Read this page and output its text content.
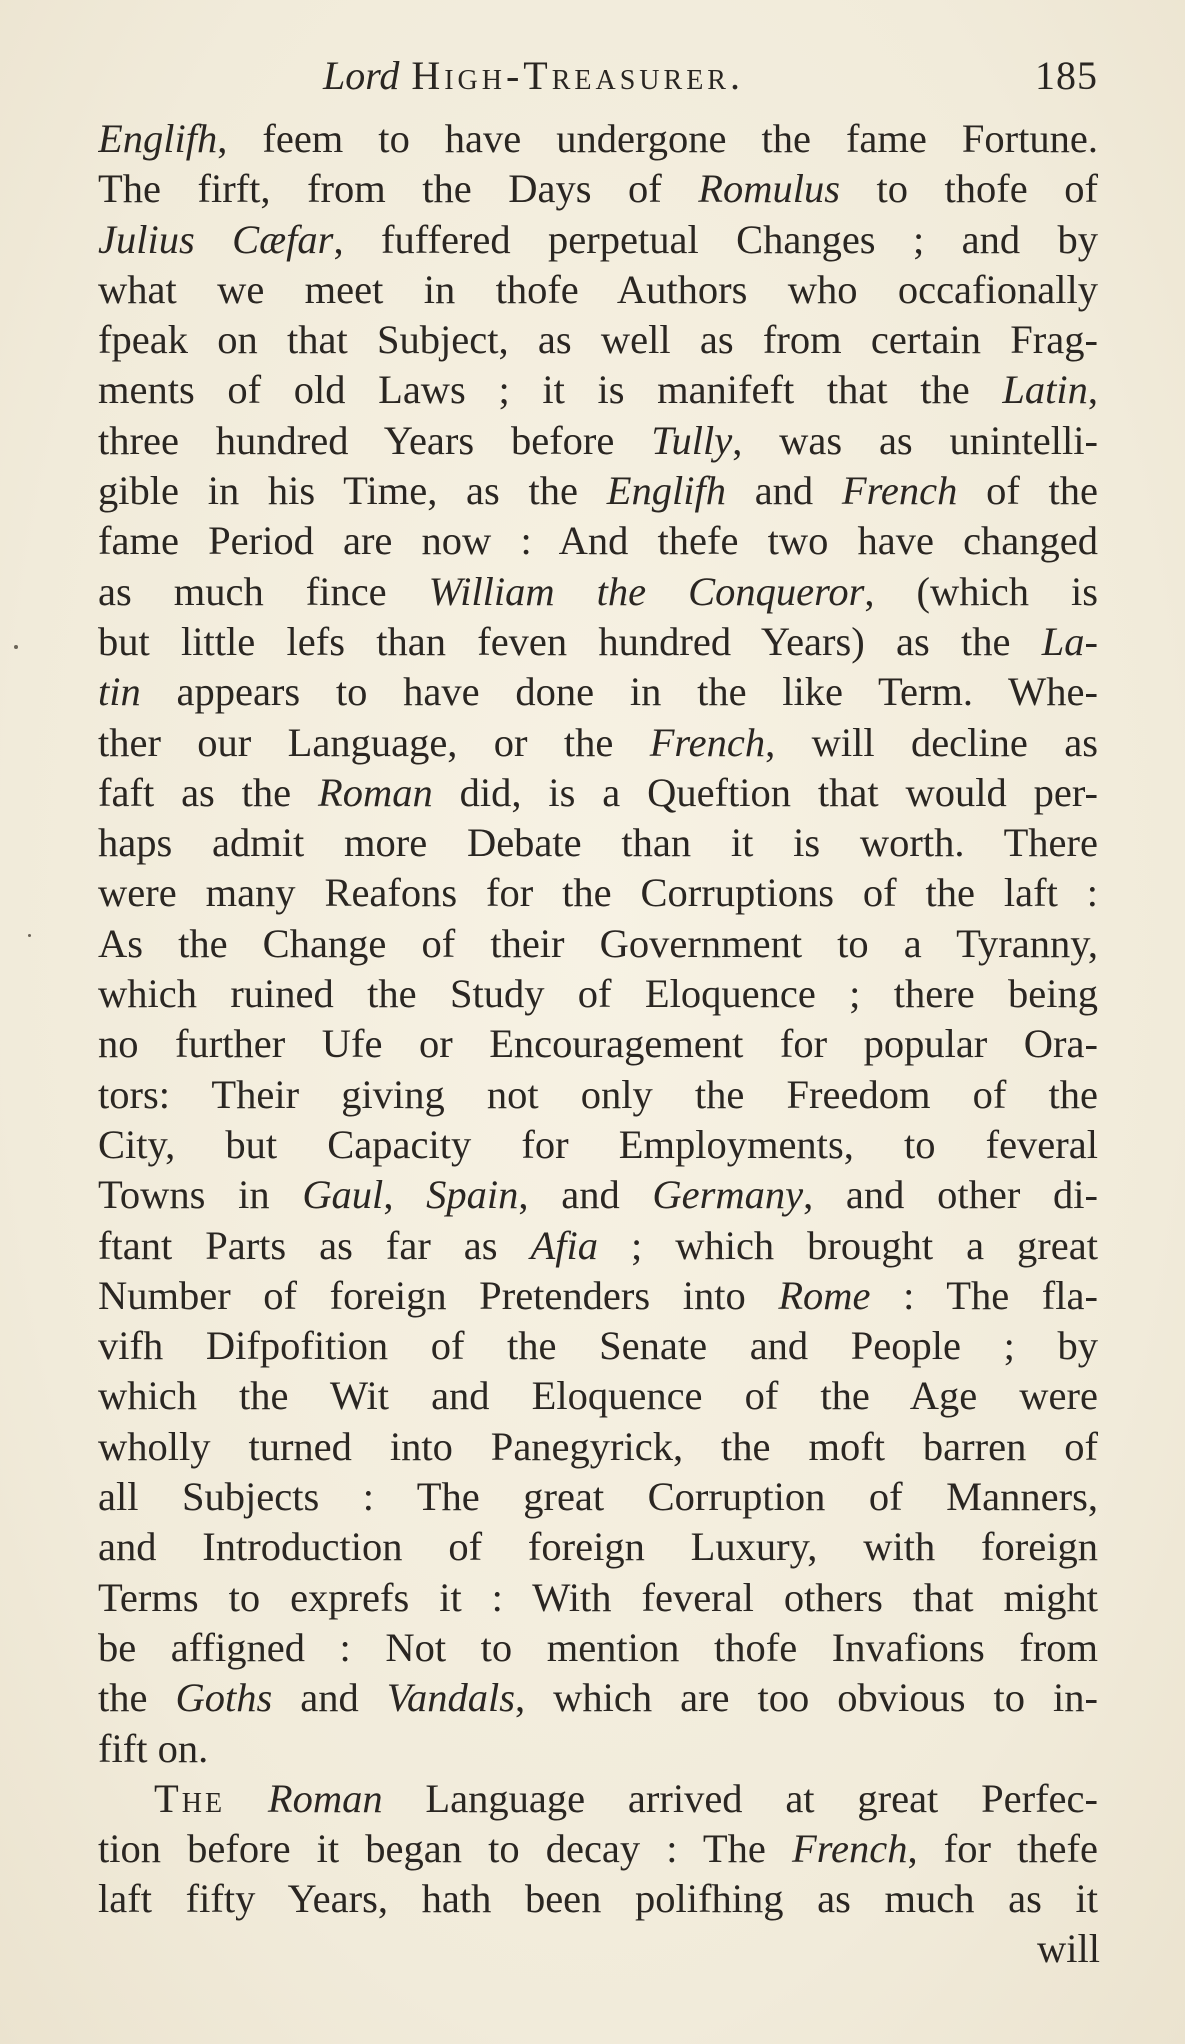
Lord High-Treasurer.	185
Englifh, feem to have undergone the fame Fortune.
The firft, from the Days of Romulus to thofe of
Julius Cæfar, fuffered perpetual Changes ; and by
what we meet in thofe Authors who occafionally
fpeak on that Subject, as well as from certain Frag-
ments of old Laws ; it is manifeft that the Latin,
three hundred Years before Tully, was as unintelli-
gible in his Time, as the Englifh and French of the
fame Period are now : And thefe two have changed
as much fince William the Conqueror, (which is
but little lefs than feven hundred Years) as the La-
tin appears to have done in the like Term. Whe-
ther our Language, or the French, will decline as
faft as the Roman did, is a Queftion that would per-
haps admit more Debate than it is worth. There
were many Reafons for the Corruptions of the laft :
As the Change of their Government to a Tyranny,
which ruined the Study of Eloquence ; there being
no further Ufe or Encouragement for popular Ora-
tors: Their giving not only the Freedom of the
City, but Capacity for Employments, to feveral
Towns in Gaul, Spain, and Germany, and other di-
ftant Parts as far as Afia ; which brought a great
Number of foreign Pretenders into Rome : The fla-
vifh Difpofition of the Senate and People ; by
which the Wit and Eloquence of the Age were
wholly turned into Panegyrick, the moft barren of
all Subjects : The great Corruption of Manners,
and Introduction of foreign Luxury, with foreign
Terms to exprefs it : With feveral others that might
be affigned : Not to mention thofe Invafions from
the Goths and Vandals, which are too obvious to in-
fift on.
The Roman Language arrived at great Perfec-
tion before it began to decay : The French, for thefe
laft fifty Years, hath been polifhing as much as it
will
